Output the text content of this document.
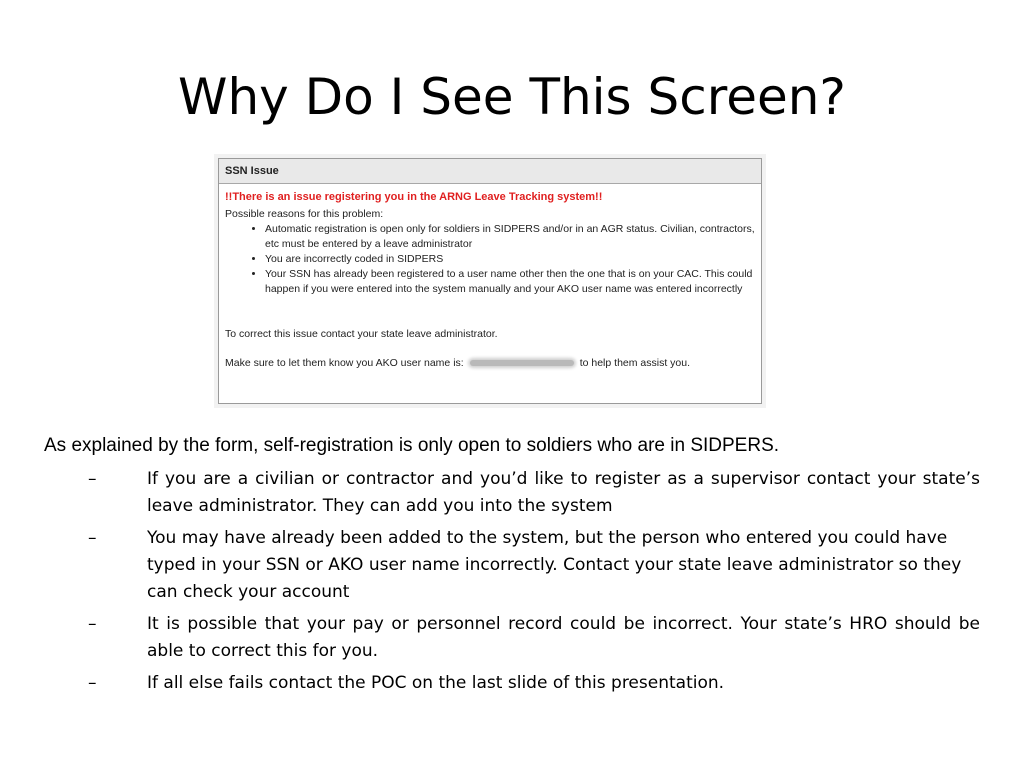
Why Do I See This Screen?
SSN Issue
!!There is an issue registering you in the ARNG Leave Tracking system!!
Possible reasons for this problem:
• Automatic registration is open only for soldiers in SIDPERS and/or in an AGR status. Civilian, contractors, etc must be entered by a leave administrator
• You are incorrectly coded in SIDPERS
• Your SSN has already been registered to a user name other then the one that is on your CAC. This could happen if you were entered into the system manually and your AKO user name was entered incorrectly
To correct this issue contact your state leave administrator.
Make sure to let them know you AKO user name is:	to help them assist you.
As explained by the form, self-registration is only open to soldiers who are in SIDPERS.
–	If you are a civilian or contractor and you’d like to register as a supervisor contact your state’s leave administrator. They can add you into the system
–	You may have already been added to the system, but the person who entered you could have typed in your SSN or AKO user name incorrectly. Contact your state leave administrator so they can check your account
–	It is possible that your pay or personnel record could be incorrect. Your state’s HRO should be able to correct this for you.
–	If all else fails contact the POC on the last slide of this presentation.
